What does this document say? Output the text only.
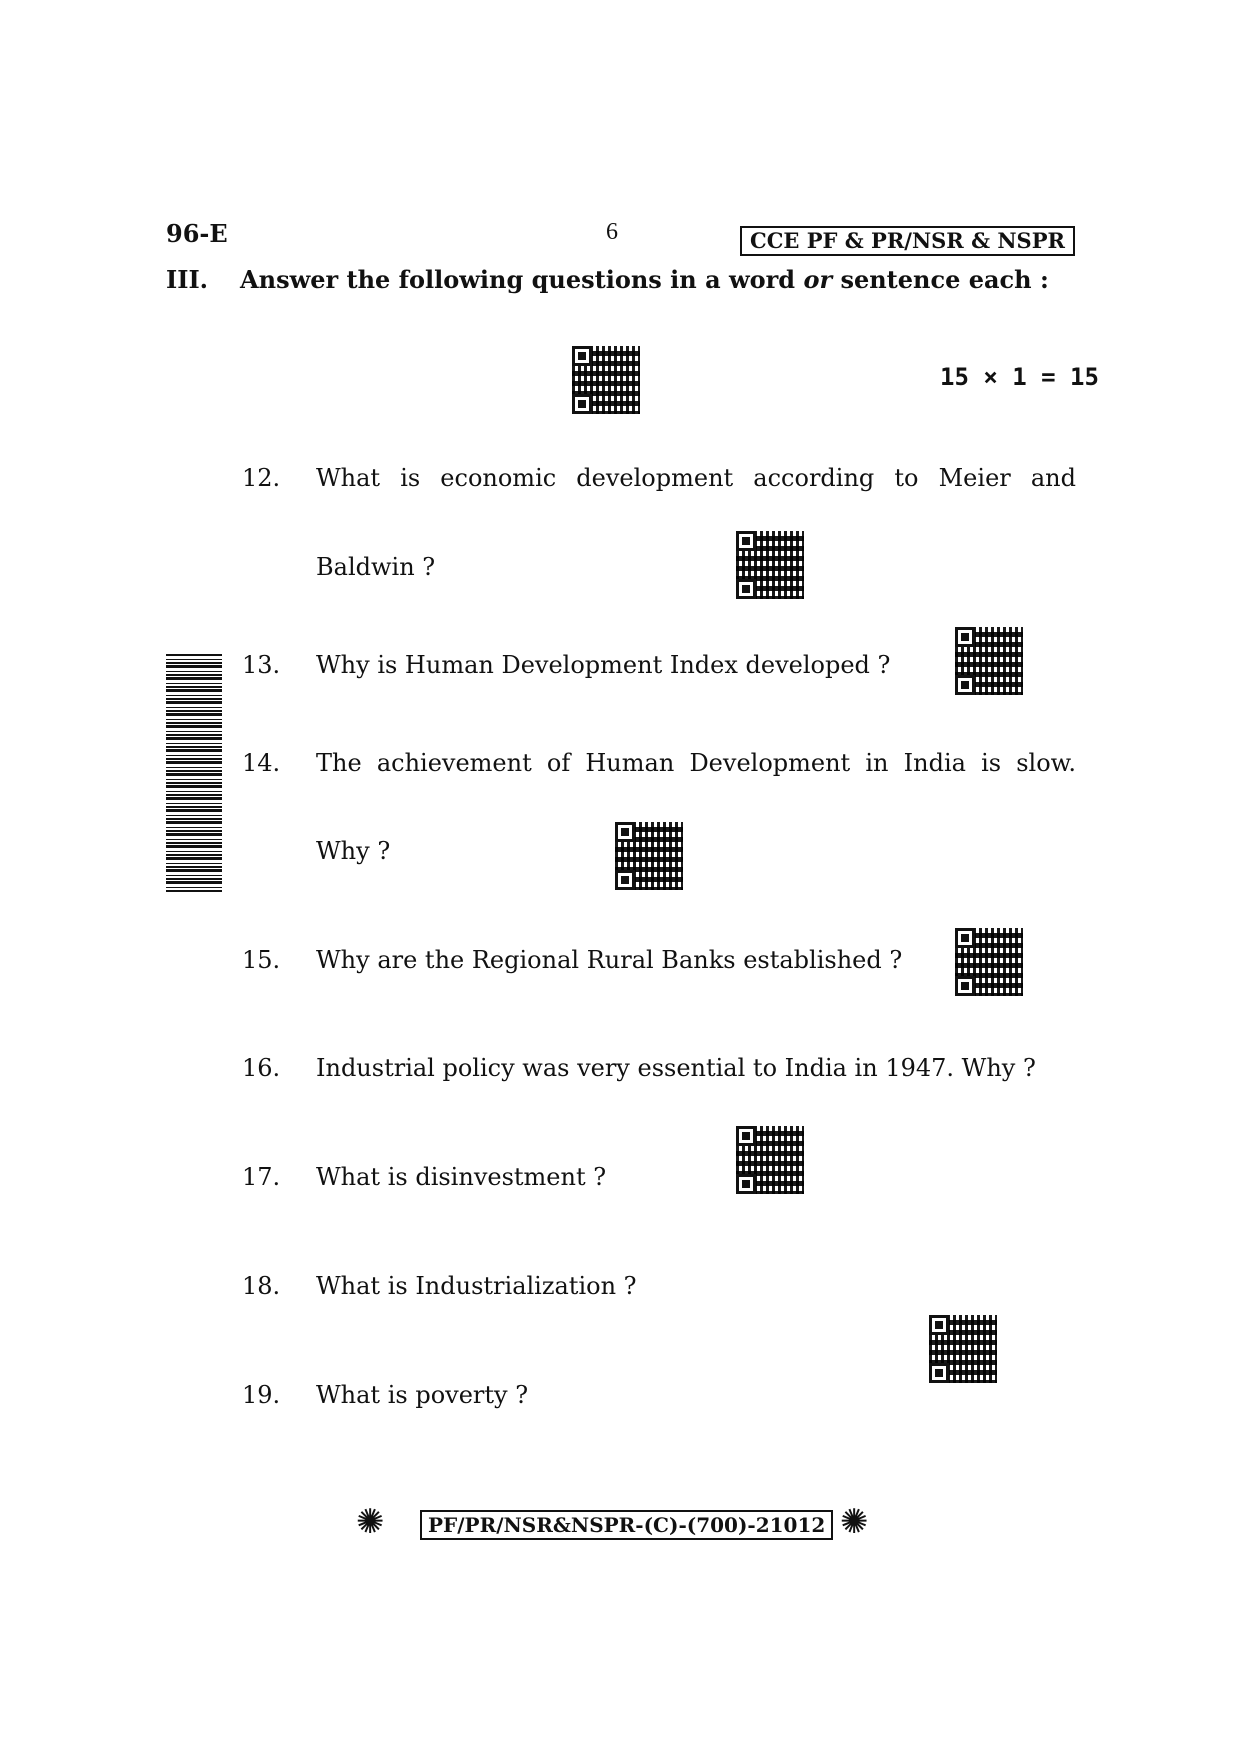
96-E	6	CCE PF & PR/NSR & NSPR
III. Answer the following questions in a word or sentence each :
15 × 1 = 15
12. What is economic development according to Meier and
Baldwin ?
13. Why is Human Development Index developed ?
14. The achievement of Human Development in India is slow.
Why ?
15. Why are the Regional Rural Banks established ?
16. Industrial policy was very essential to India in 1947. Why ?
17. What is disinvestment ?
18. What is Industrialization ?
19. What is poverty ?
✺	PF/PR/NSR&NSPR-(C)-(700)-21012 ✺
